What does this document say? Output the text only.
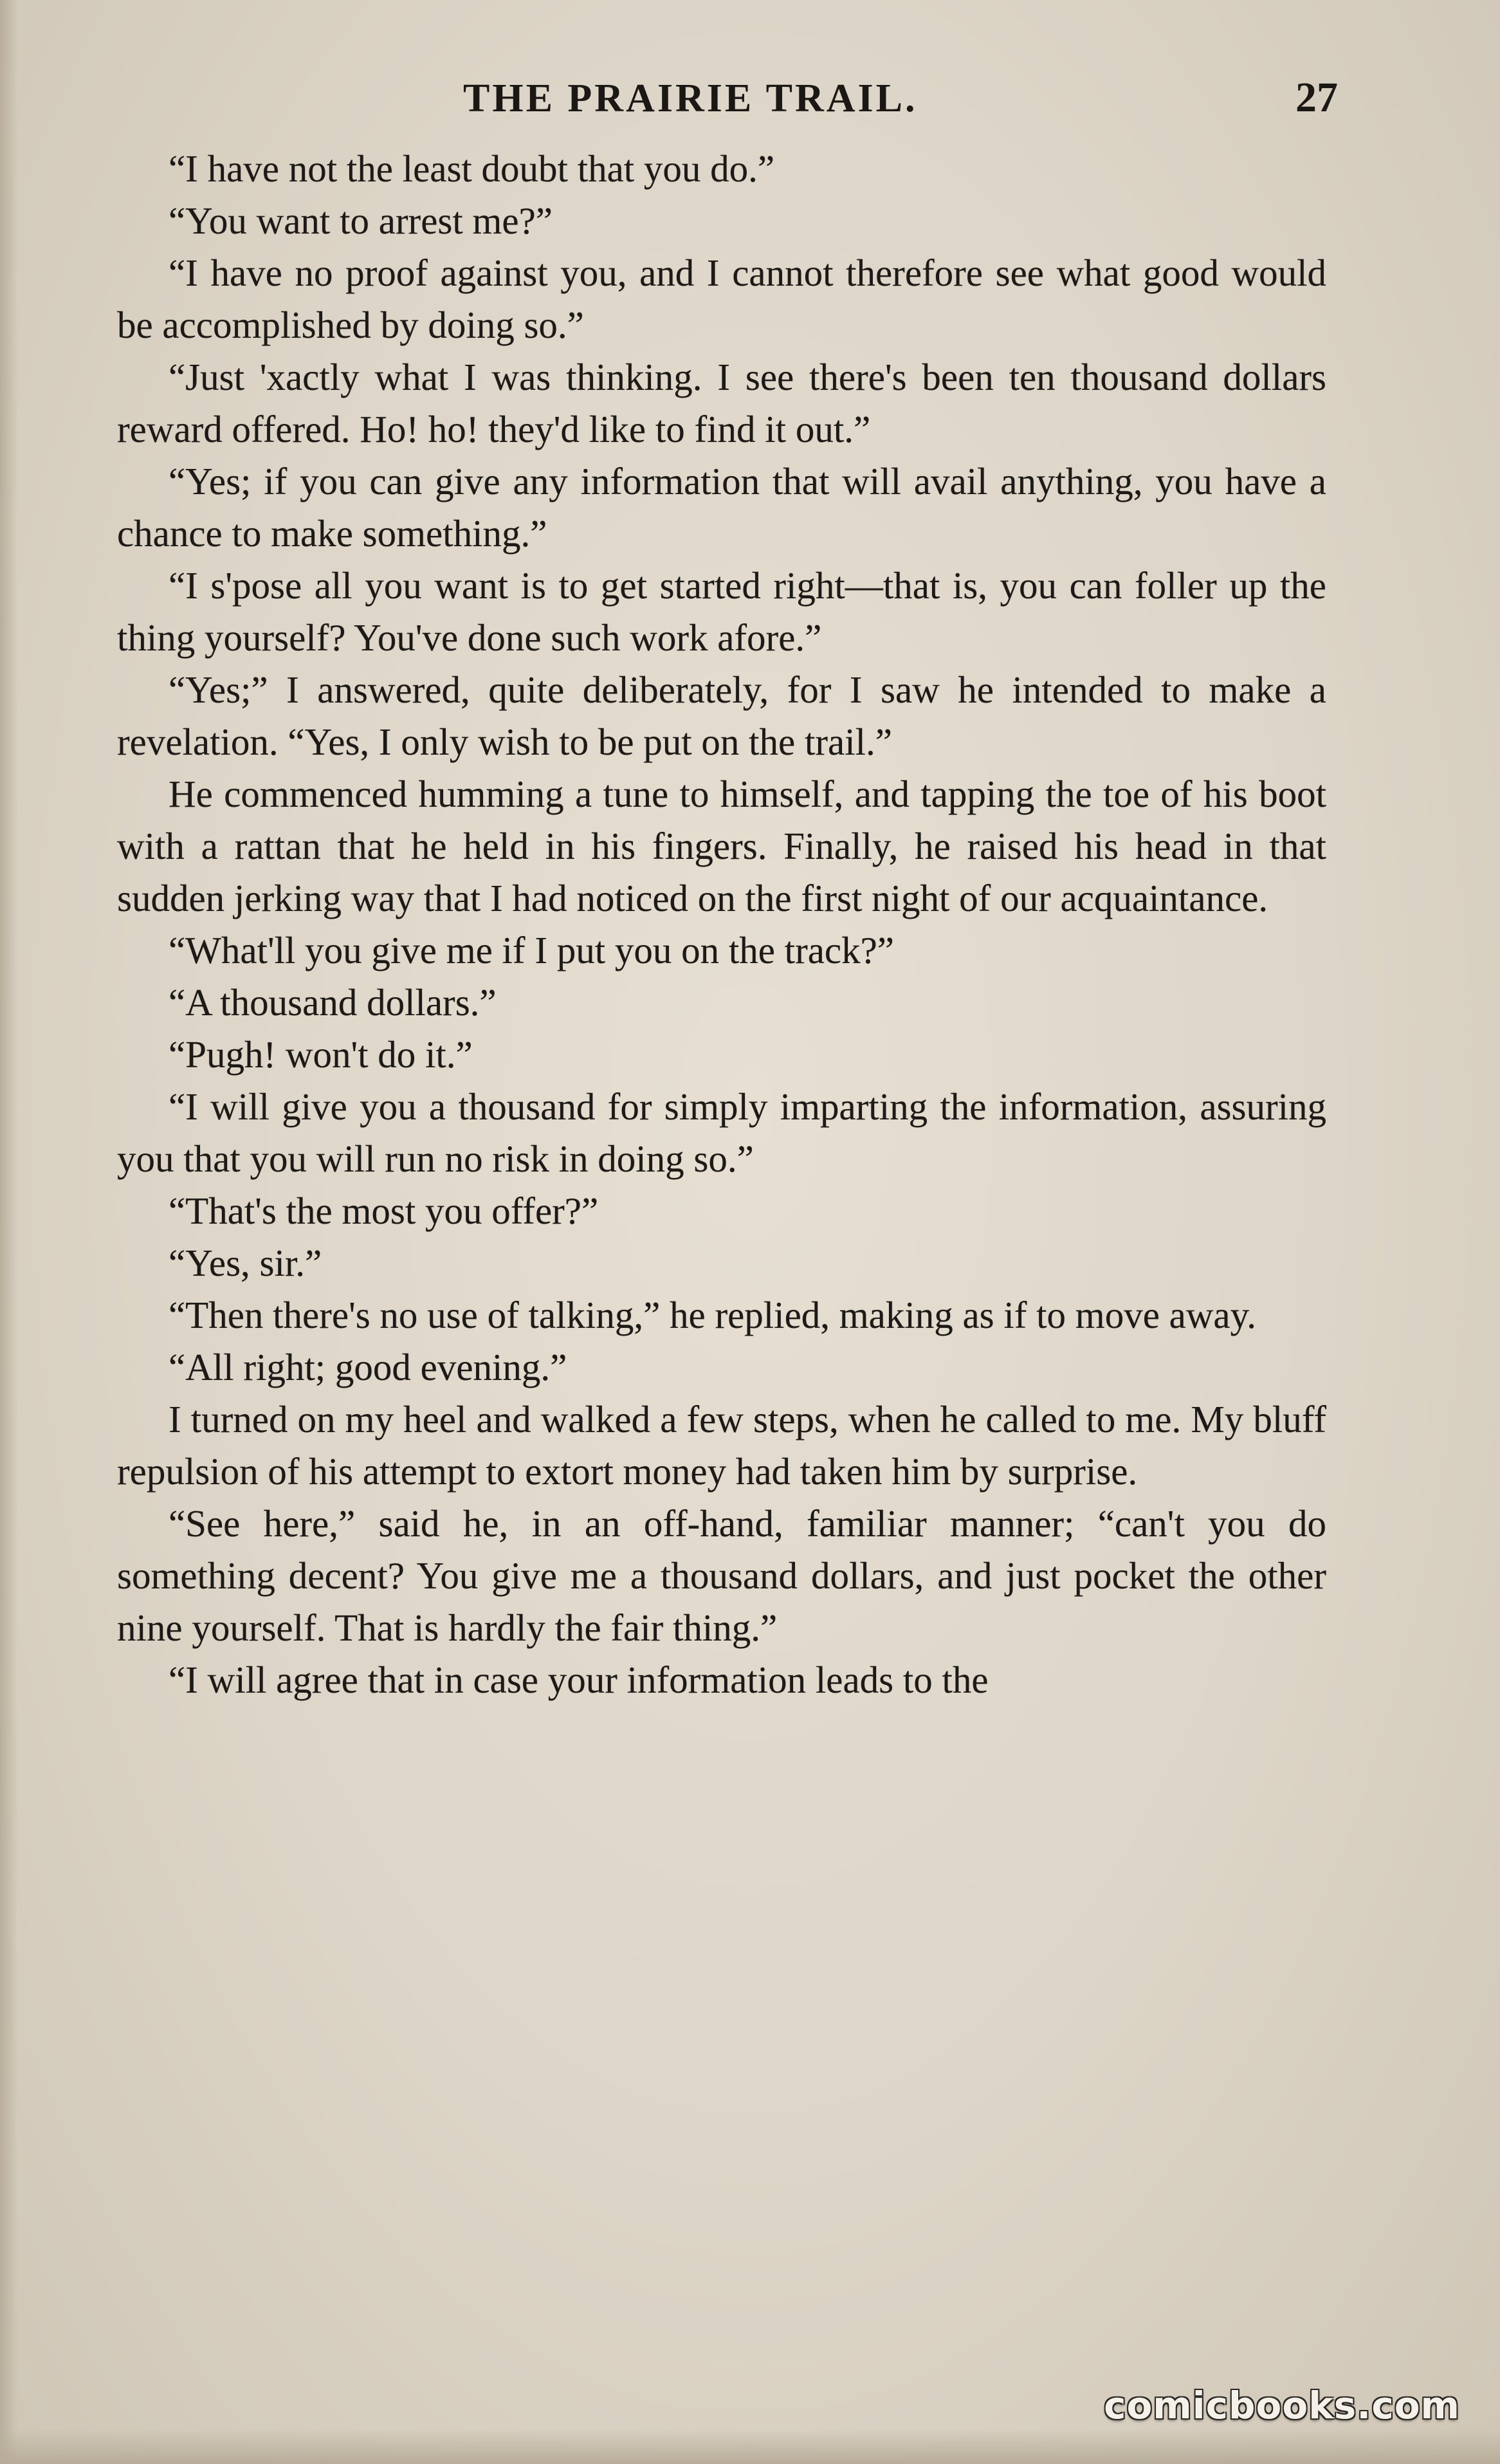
THE PRAIRIE TRAIL.	27

“I have not the least doubt that you do.”

“You want to arrest me?”

“I have no proof against you, and I cannot therefore see what good would be accomplished by doing so.”

“Just 'xactly what I was thinking. I see there's been ten thousand dollars reward offered. Ho! ho! they'd like to find it out.”

“Yes; if you can give any information that will avail anything, you have a chance to make something.”

“I s'pose all you want is to get started right—that is, you can foller up the thing yourself? You've done such work afore.”

“Yes;” I answered, quite deliberately, for I saw he intended to make a revelation. “Yes, I only wish to be put on the trail.”

He commenced humming a tune to himself, and tapping the toe of his boot with a rattan that he held in his fingers. Finally, he raised his head in that sudden jerking way that I had noticed on the first night of our acquaintance.

“What'll you give me if I put you on the track?”

“A thousand dollars.”

“Pugh! won't do it.”

“I will give you a thousand for simply imparting the information, assuring you that you will run no risk in doing so.”

“That's the most you offer?”

“Yes, sir.”

“Then there's no use of talking,” he replied, making as if to move away.

“All right; good evening.”

I turned on my heel and walked a few steps, when he called to me. My bluff repulsion of his attempt to extort money had taken him by surprise.

“See here,” said he, in an off-hand, familiar manner; “can't you do something decent? You give me a thousand dollars, and just pocket the other nine yourself. That is hardly the fair thing.”

“I will agree that in case your information leads to the

comicbooks.com
